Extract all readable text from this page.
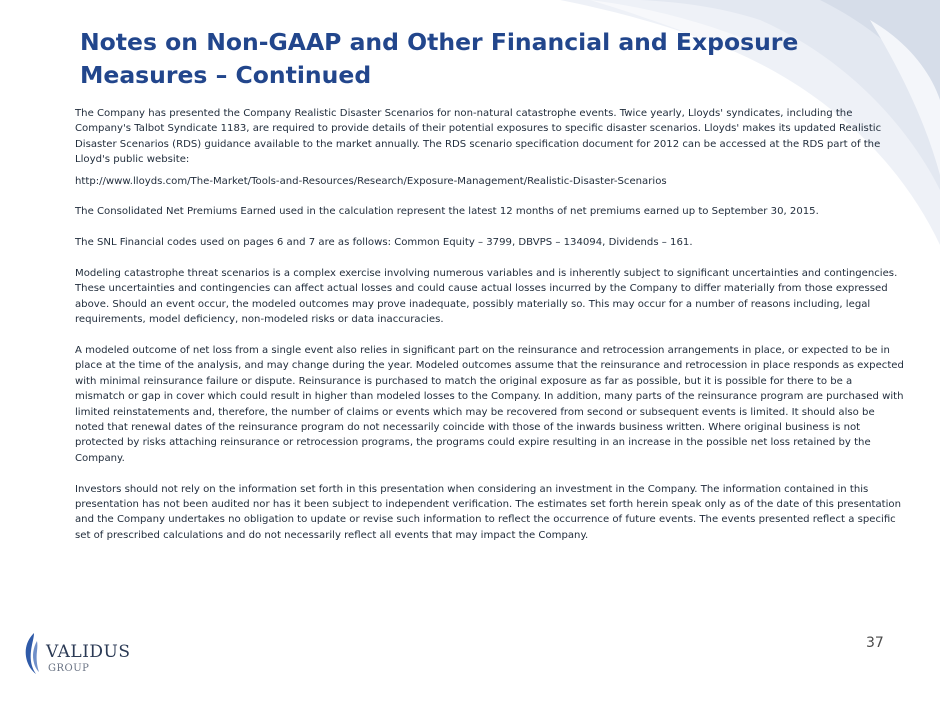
Notes on Non-GAAP and Other Financial and Exposure Measures – Continued

The Company has presented the Company Realistic Disaster Scenarios for non-natural catastrophe events. Twice yearly, Lloyds' syndicates, including the Company's Talbot Syndicate 1183, are required to provide details of their potential exposures to specific disaster scenarios. Lloyds' makes its updated Realistic Disaster Scenarios (RDS) guidance available to the market annually. The RDS scenario specification document for 2012 can be accessed at the RDS part of the Lloyd's public website:

http://www.lloyds.com/The-Market/Tools-and-Resources/Research/Exposure-Management/Realistic-Disaster-Scenarios

The Consolidated Net Premiums Earned used in the calculation represent the latest 12 months of net premiums earned up to September 30, 2015.

The SNL Financial codes used on pages 6 and 7 are as follows: Common Equity – 3799, DBVPS – 134094, Dividends – 161.

Modeling catastrophe threat scenarios is a complex exercise involving numerous variables and is inherently subject to significant uncertainties and contingencies. These uncertainties and contingencies can affect actual losses and could cause actual losses incurred by the Company to differ materially from those expressed above. Should an event occur, the modeled outcomes may prove inadequate, possibly materially so. This may occur for a number of reasons including, legal requirements, model deficiency, non-modeled risks or data inaccuracies.

A modeled outcome of net loss from a single event also relies in significant part on the reinsurance and retrocession arrangements in place, or expected to be in place at the time of the analysis, and may change during the year. Modeled outcomes assume that the reinsurance and retrocession in place responds as expected with minimal reinsurance failure or dispute. Reinsurance is purchased to match the original exposure as far as possible, but it is possible for there to be a mismatch or gap in cover which could result in higher than modeled losses to the Company. In addition, many parts of the reinsurance program are purchased with limited reinstatements and, therefore, the number of claims or events which may be recovered from second or subsequent events is limited. It should also be noted that renewal dates of the reinsurance program do not necessarily coincide with those of the inwards business written. Where original business is not protected by risks attaching reinsurance or retrocession programs, the programs could expire resulting in an increase in the possible net loss retained by the Company.

Investors should not rely on the information set forth in this presentation when considering an investment in the Company. The information contained in this presentation has not been audited nor has it been subject to independent verification. The estimates set forth herein speak only as of the date of this presentation and the Company undertakes no obligation to update or revise such information to reflect the occurrence of future events. The events presented reflect a specific set of prescribed calculations and do not necessarily reflect all events that may impact the Company.

37
VALIDUS
GROUP
